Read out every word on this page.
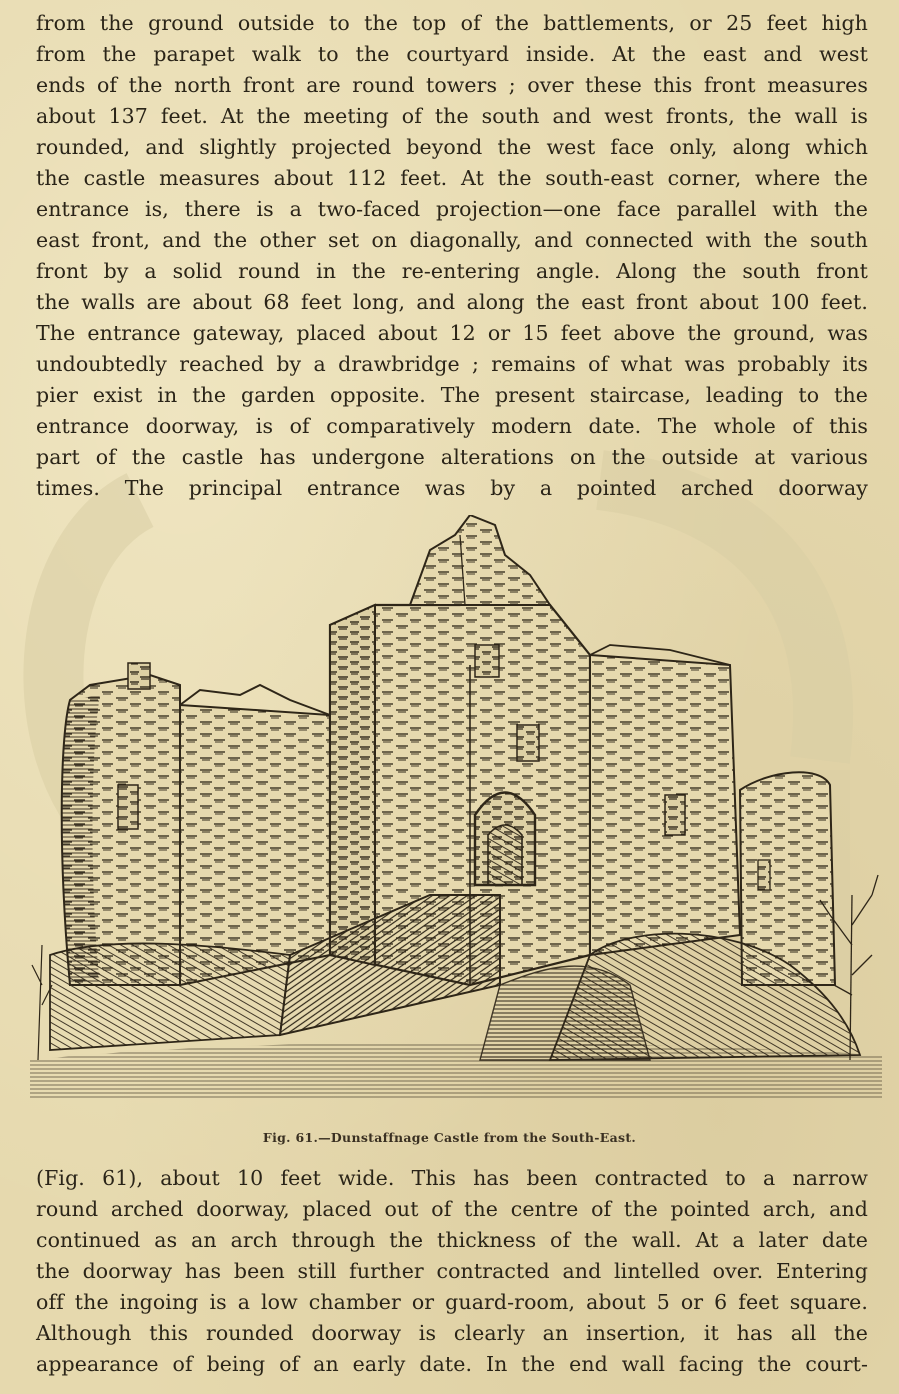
from the ground outside to the top of the battlements, or 25 feet high
from the parapet walk to the courtyard inside. At the east and west
ends of the north front are round towers ; over these this front measures
about 137 feet. At the meeting of the south and west fronts, the wall is
rounded, and slightly projected beyond the west face only, along which
the castle measures about 112 feet. At the south-east corner, where the
entrance is, there is a two-faced projection—one face parallel with the
east front, and the other set on diagonally, and connected with the south
front by a solid round in the re-entering angle. Along the south front
the walls are about 68 feet long, and along the east front about 100 feet.
The entrance gateway, placed about 12 or 15 feet above the ground, was
undoubtedly reached by a drawbridge ; remains of what was probably its
pier exist in the garden opposite. The present staircase, leading to the
entrance doorway, is of comparatively modern date. The whole of this
part of the castle has undergone alterations on the outside at various
times. The principal entrance was by a pointed arched doorway
Fig. 61.—Dunstaffnage Castle from the South-East.
(Fig. 61), about 10 feet wide. This has been contracted to a narrow
round arched doorway, placed out of the centre of the pointed arch, and
continued as an arch through the thickness of the wall. At a later date
the doorway has been still further contracted and lintelled over. Entering
off the ingoing is a low chamber or guard-room, about 5 or 6 feet square.
Although this rounded doorway is clearly an insertion, it has all the
appearance of being of an early date. In the end wall facing the court-
